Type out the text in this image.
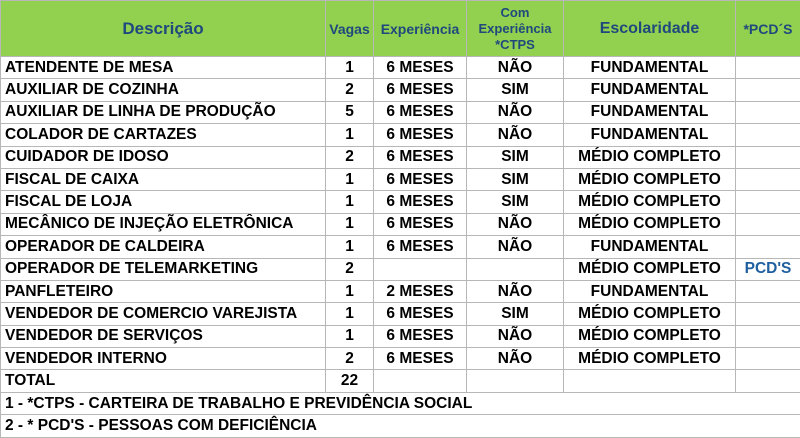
Descrição	Vagas	Experiência	Com Experiência *CTPS	Escolaridade	*PCD´S
ATENDENTE DE MESA	1	6 MESES	NÃO	FUNDAMENTAL	
AUXILIAR DE COZINHA	2	6 MESES	SIM	FUNDAMENTAL	
AUXILIAR DE LINHA DE PRODUÇÃO	5	6 MESES	NÃO	FUNDAMENTAL	
COLADOR DE CARTAZES	1	6 MESES	NÃO	FUNDAMENTAL	
CUIDADOR DE IDOSO	2	6 MESES	SIM	MÉDIO COMPLETO	
FISCAL DE CAIXA	1	6 MESES	SIM	MÉDIO COMPLETO	
FISCAL DE LOJA	1	6 MESES	SIM	MÉDIO COMPLETO	
MECÂNICO DE INJEÇÃO ELETRÔNICA	1	6 MESES	NÃO	MÉDIO COMPLETO	
OPERADOR DE CALDEIRA	1	6 MESES	NÃO	FUNDAMENTAL	
OPERADOR DE TELEMARKETING	2			MÉDIO COMPLETO	PCD'S
PANFLETEIRO	1	2 MESES	NÃO	FUNDAMENTAL	
VENDEDOR DE COMERCIO VAREJISTA	1	6 MESES	SIM	MÉDIO COMPLETO	
VENDEDOR DE SERVIÇOS	1	6 MESES	NÃO	MÉDIO COMPLETO	
VENDEDOR INTERNO	2	6 MESES	NÃO	MÉDIO COMPLETO	
TOTAL	22				
1 - *CTPS - CARTEIRA DE TRABALHO E PREVIDÊNCIA SOCIAL					
2 - * PCD'S - PESSOAS COM DEFICIÊNCIA					
